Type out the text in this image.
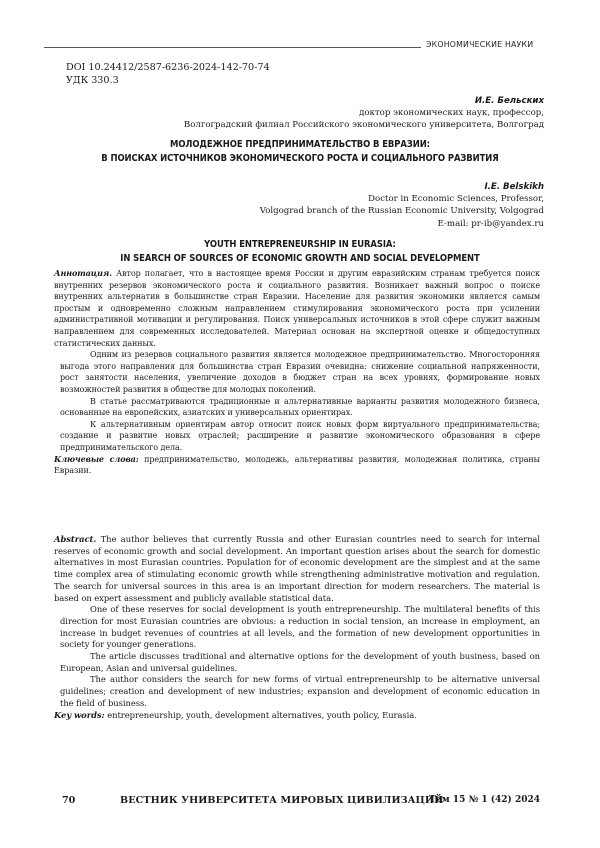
ЭКОНОМИЧЕСКИЕ НАУКИ
DOI 10.24412/2587-6236-2024-142-70-74
УДК 330.3
И.Е. Бельских
доктор экономических наук, профессор,
Волгоградский филиал Российского экономического университета, Волгоград
МОЛОДЕЖНОЕ ПРЕДПРИНИМАТЕЛЬСТВО В ЕВРАЗИИ:
В ПОИСКАХ ИСТОЧНИКОВ ЭКОНОМИЧЕСКОГО РОСТА И СОЦИАЛЬНОГО РАЗВИТИЯ
I.E. Belskikh
Doctor in Economic Sciences, Professor,
Volgograd branch of the Russian Economic University, Volgograd
E-mail: pr-ib@yandex.ru
YOUTH ENTREPRENEURSHIP IN EURASIA:
IN SEARCH OF SOURCES OF ECONOMIC GROWTH AND SOCIAL DEVELOPMENT

Аннотация. Автор полагает, что в настоящее время России и другим евразийским странам требуется поиск внутренних резервов экономического роста и социального развития. Возникает важный вопрос о поиске внутренних альтернатив в большинстве стран Евразии. Население для развития экономики является самым простым и одновременно сложным направлением стимулирования экономического роста при усилении административной мотивации и регулирования. Поиск универсальных источников в этой сфере служит важным направлением для современных исследователей. Материал основан на экспертной оценке и общедоступных статистических данных.

Одним из резервов социального развития является молодежное предпринимательство. Многосторонняя выгода этого направления для большинства стран Евразии очевидна: снижение социальной напряженности, рост занятости населения, увеличение доходов в бюджет стран на всех уровнях, формирование новых возможностей развития в обществе для молодых поколений.

В статье рассматриваются традиционные и альтернативные варианты развития молодежного бизнеса, основанные на европейских, азиатских и универсальных ориентирах.

К альтернативным ориентирам автор относит поиск новых форм виртуального предпринимательства; создание и развитие новых отраслей; расширение и развитие экономического образования в сфере предпринимательского дела.

Ключевые слова: предпринимательство, молодежь, альтернативы развития, молодежная политика, страны Евразии.

Abstract. The author believes that currently Russia and other Eurasian countries need to search for internal reserves of economic growth and social development. An important question arises about the search for domestic alternatives in most Eurasian countries. Population for of economic development are the simplest and at the same time complex area of stimulating economic growth while strengthening administrative motivation and regulation. The search for universal sources in this area is an important direction for modern researchers. The material is based on expert assessment and publicly available statistical data.

One of these reserves for social development is youth entrepreneurship. The multilateral benefits of this direction for most Eurasian countries are obvious: a reduction in social tension, an increase in employment, an increase in budget revenues of countries at all levels, and the formation of new development opportunities in society for younger generations.

The article discusses traditional and alternative options for the development of youth business, based on European, Asian and universal guidelines.

The author considers the search for new forms of virtual entrepreneurship to be alternative universal guidelines; creation and development of new industries; expansion and development of economic education in the field of business.

Key words: entrepreneurship, youth, development alternatives, youth policy, Eurasia.

70	ВЕСТНИК УНИВЕРСИТЕТА МИРОВЫХ ЦИВИЛИЗАЦИЙ
Том 15 № 1 (42) 2024
